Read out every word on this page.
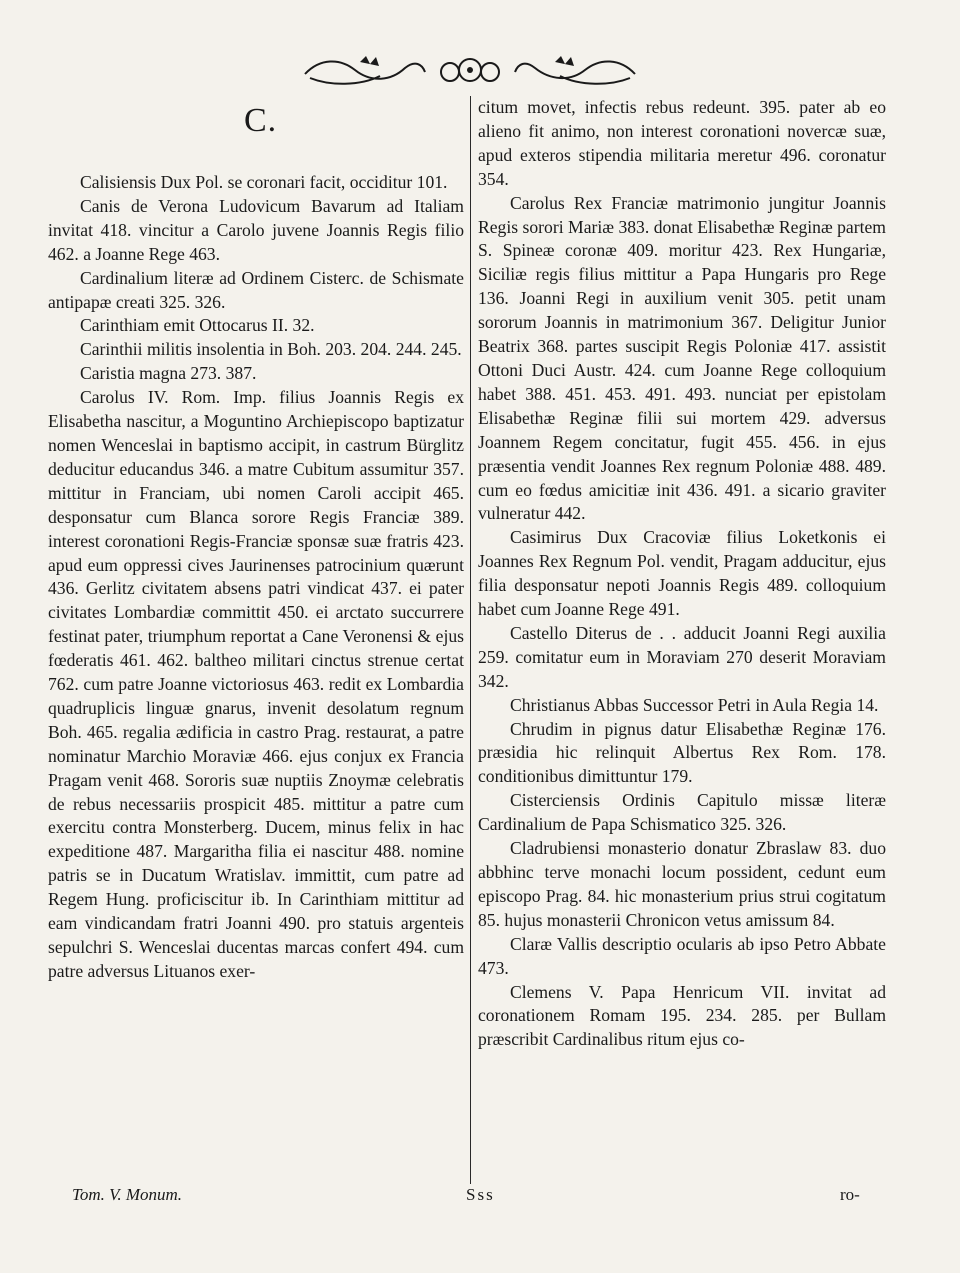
C.

Calisiensis Dux Pol. se coronari facit, occiditur 101.

Canis de Verona Ludovicum Bavarum ad Italiam invitat 418. vincitur a Carolo juvene Joannis Regis filio 462. a Joanne Rege 463.

Cardinalium literæ ad Ordinem Cisterc. de Schismate antipapæ creati 325. 326.

Carinthiam emit Ottocarus II. 32.

Carinthii militis insolentia in Boh. 203. 204. 244. 245.

Caristia magna 273. 387.

Carolus IV. Rom. Imp. filius Joannis Regis ex Elisabetha nascitur, a Moguntino Archiepiscopo baptizatur nomen Wenceslai in baptismo accipit, in castrum Bürglitz deducitur educandus 346. a matre Cubitum assumitur 357. mittitur in Franciam, ubi nomen Caroli accipit 465. desponsatur cum Blanca sorore Regis Franciæ 389. interest coronationi Regis-Franciæ sponsæ suæ fratris 423. apud eum oppressi cives Jaurinenses patrocinium quærunt 436. Gerlitz civitatem absens patri vindicat 437. ei pater civitates Lombardiæ committit 450. ei arctato succurrere festinat pater, triumphum reportat a Cane Veronensi & ejus fœderatis 461. 462. baltheo militari cinctus strenue certat 762. cum patre Joanne victoriosus 463. redit ex Lombardia quadruplicis linguæ gnarus, invenit desolatum regnum Boh. 465. regalia ædificia in castro Prag. restaurat, a patre nominatur Marchio Moraviæ 466. ejus conjux ex Francia Pragam venit 468. Sororis suæ nuptiis Znoymæ celebratis de rebus necessariis prospicit 485. mittitur a patre cum exercitu contra Monsterberg. Ducem, minus felix in hac expeditione 487. Margaritha filia ei nascitur 488. nomine patris se in Ducatum Wratislav. immittit, cum patre ad Regem Hung. proficiscitur ib. In Carinthiam mittitur ad eam vindicandam fratri Joanni 490. pro statuis argenteis sepulchri S. Wenceslai ducentas marcas confert 494. cum patre adversus Lituanos exer-

citum movet, infectis rebus redeunt. 395. pater ab eo alieno fit animo, non interest coronationi novercæ suæ, apud exteros stipendia militaria meretur 496. coronatur 354.

Carolus Rex Franciæ matrimonio jungitur Joannis Regis sorori Mariæ 383. donat Elisabethæ Reginæ partem S. Spineæ coronæ 409. moritur 423. Rex Hungariæ, Siciliæ regis filius mittitur a Papa Hungaris pro Rege 136. Joanni Regi in auxilium venit 305. petit unam sororum Joannis in matrimonium 367. Deligitur Junior Beatrix 368. partes suscipit Regis Poloniæ 417. assistit Ottoni Duci Austr. 424. cum Joanne Rege colloquium habet 388. 451. 453. 491. 493. nunciat per epistolam Elisabethæ Reginæ filii sui mortem 429. adversus Joannem Regem concitatur, fugit 455. 456. in ejus præsentia vendit Joannes Rex regnum Poloniæ 488. 489. cum eo fœdus amicitiæ init 436. 491. a sicario graviter vulneratur 442.

Casimirus Dux Cracoviæ filius Loketkonis ei Joannes Rex Regnum Pol. vendit, Pragam adducitur, ejus filia desponsatur nepoti Joannis Regis 489. colloquium habet cum Joanne Rege 491.

Castello Diterus de . . adducit Joanni Regi auxilia 259. comitatur eum in Moraviam 270 deserit Moraviam 342.

Christianus Abbas Successor Petri in Aula Regia 14.

Chrudim in pignus datur Elisabethæ Reginæ 176. præsidia hic relinquit Albertus Rex Rom. 178. conditionibus dimittuntur 179.

Cisterciensis Ordinis Capitulo missæ literæ Cardinalium de Papa Schismatico 325. 326.

Cladrubiensi monasterio donatur Zbraslaw 83. duo abbhinc terve monachi locum possident, cedunt eum episcopo Prag. 84. hic monasterium prius strui cogitatum 85. hujus monasterii Chronicon vetus amissum 84.

Claræ Vallis descriptio ocularis ab ipso Petro Abbate 473.

Clemens V. Papa Henricum VII. invitat ad coronationem Romam 195. 234. 285. per Bullam præscribit Cardinalibus ritum ejus co-

Tom. V. Monum.	Sss	ro-
